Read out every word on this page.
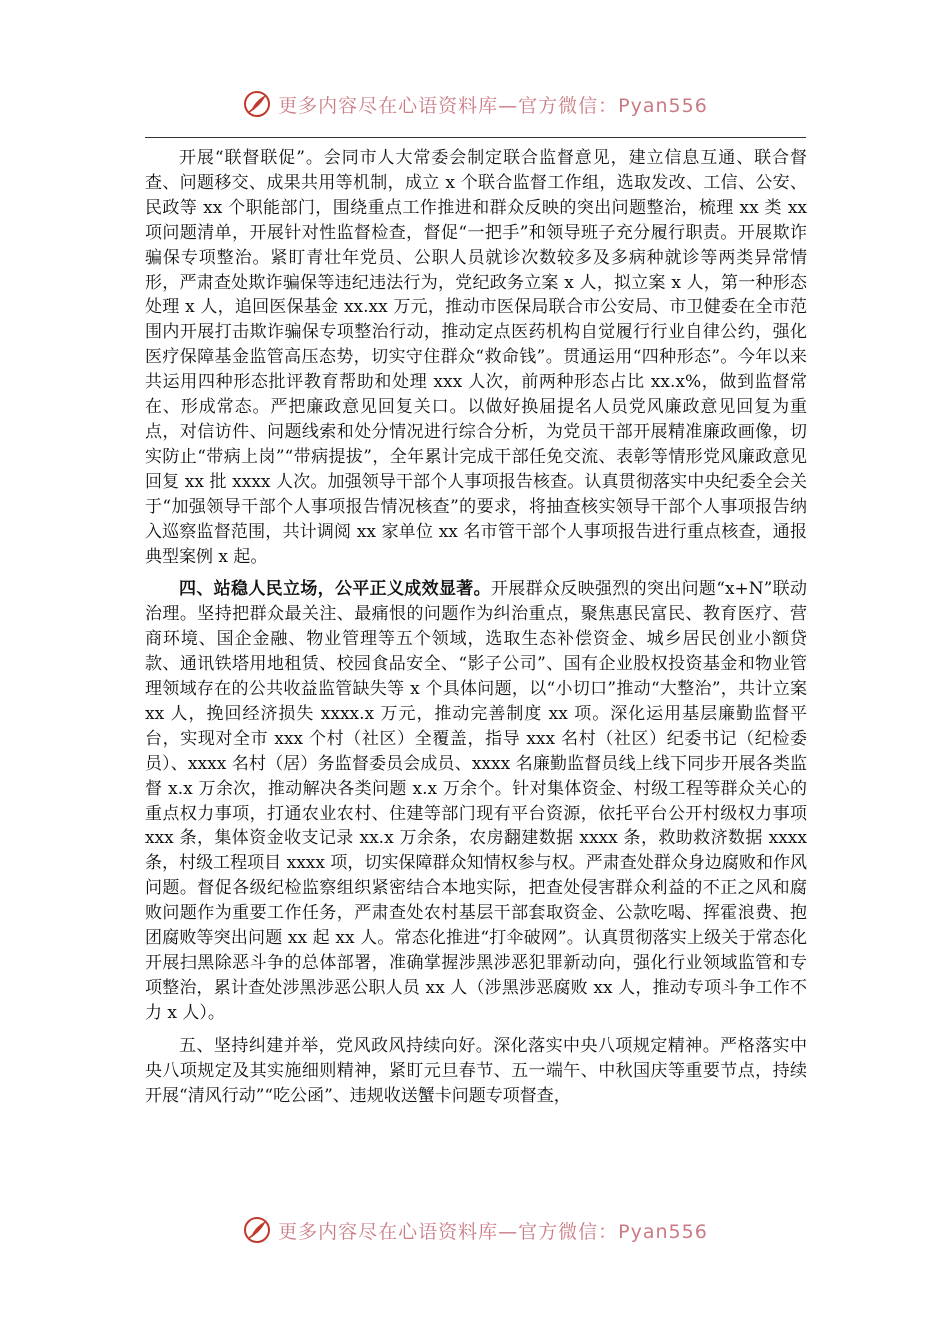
更多内容尽在心语资料库—官方微信：Pyan556

开展“联督联促”。会同市人大常委会制定联合监督意见，建立信息互通、联合督查、问题移交、成果共用等机制，成立 x 个联合监督工作组，选取发改、工信、公安、民政等 xx 个职能部门，围绕重点工作推进和群众反映的突出问题整治，梳理 xx 类 xx 项问题清单，开展针对性监督检查，督促“一把手”和领导班子充分履行职责。开展欺诈骗保专项整治。紧盯青壮年党员、公职人员就诊次数较多及多病种就诊等两类异常情形，严肃查处欺诈骗保等违纪违法行为，党纪政务立案 x 人，拟立案 x 人，第一种形态处理 x 人，追回医保基金 xx.xx 万元，推动市医保局联合市公安局、市卫健委在全市范围内开展打击欺诈骗保专项整治行动，推动定点医药机构自觉履行行业自律公约，强化医疗保障基金监管高压态势，切实守住群众“救命钱”。贯通运用“四种形态”。今年以来共运用四种形态批评教育帮助和处理 xxx 人次，前两种形态占比 xx.x%，做到监督常在、形成常态。严把廉政意见回复关口。以做好换届提名人员党风廉政意见回复为重点，对信访件、问题线索和处分情况进行综合分析，为党员干部开展精准廉政画像，切实防止“带病上岗”“带病提拔”，全年累计完成干部任免交流、表彰等情形党风廉政意见回复 xx 批 xxxx 人次。加强领导干部个人事项报告核查。认真贯彻落实中央纪委全会关于“加强领导干部个人事项报告情况核查”的要求，将抽查核实领导干部个人事项报告纳入巡察监督范围，共计调阅 xx 家单位 xx 名市管干部个人事项报告进行重点核查，通报典型案例 x 起。

四、站稳人民立场，公平正义成效显著。开展群众反映强烈的突出问题“x+N”联动治理。坚持把群众最关注、最痛恨的问题作为纠治重点，聚焦惠民富民、教育医疗、营商环境、国企金融、物业管理等五个领域，选取生态补偿资金、城乡居民创业小额贷款、通讯铁塔用地租赁、校园食品安全、“影子公司”、国有企业股权投资基金和物业管理领域存在的公共收益监管缺失等 x 个具体问题，以“小切口”推动“大整治”，共计立案 xx 人，挽回经济损失 xxxx.x 万元，推动完善制度 xx 项。深化运用基层廉勤监督平台，实现对全市 xxx 个村（社区）全覆盖，指导 xxx 名村（社区）纪委书记（纪检委员）、xxxx 名村（居）务监督委员会成员、xxxx 名廉勤监督员线上线下同步开展各类监督 x.x 万余次，推动解决各类问题 x.x 万余个。针对集体资金、村级工程等群众关心的重点权力事项，打通农业农村、住建等部门现有平台资源，依托平台公开村级权力事项 xxx 条，集体资金收支记录 xx.x 万余条，农房翻建数据 xxxx 条，救助救济数据 xxxx 条，村级工程项目 xxxx 项，切实保障群众知情权参与权。严肃查处群众身边腐败和作风问题。督促各级纪检监察组织紧密结合本地实际，把查处侵害群众利益的不正之风和腐败问题作为重要工作任务，严肃查处农村基层干部套取资金、公款吃喝、挥霍浪费、抱团腐败等突出问题 xx 起 xx 人。常态化推进“打伞破网”。认真贯彻落实上级关于常态化开展扫黑除恶斗争的总体部署，准确掌握涉黑涉恶犯罪新动向，强化行业领域监管和专项整治，累计查处涉黑涉恶公职人员 xx 人（涉黑涉恶腐败 xx 人，推动专项斗争工作不力 x 人）。

五、坚持纠建并举，党风政风持续向好。深化落实中央八项规定精神。严格落实中央八项规定及其实施细则精神，紧盯元旦春节、五一端午、中秋国庆等重要节点，持续开展“清风行动”“吃公函”、违规收送蟹卡问题专项督查，

更多内容尽在心语资料库—官方微信：Pyan556
